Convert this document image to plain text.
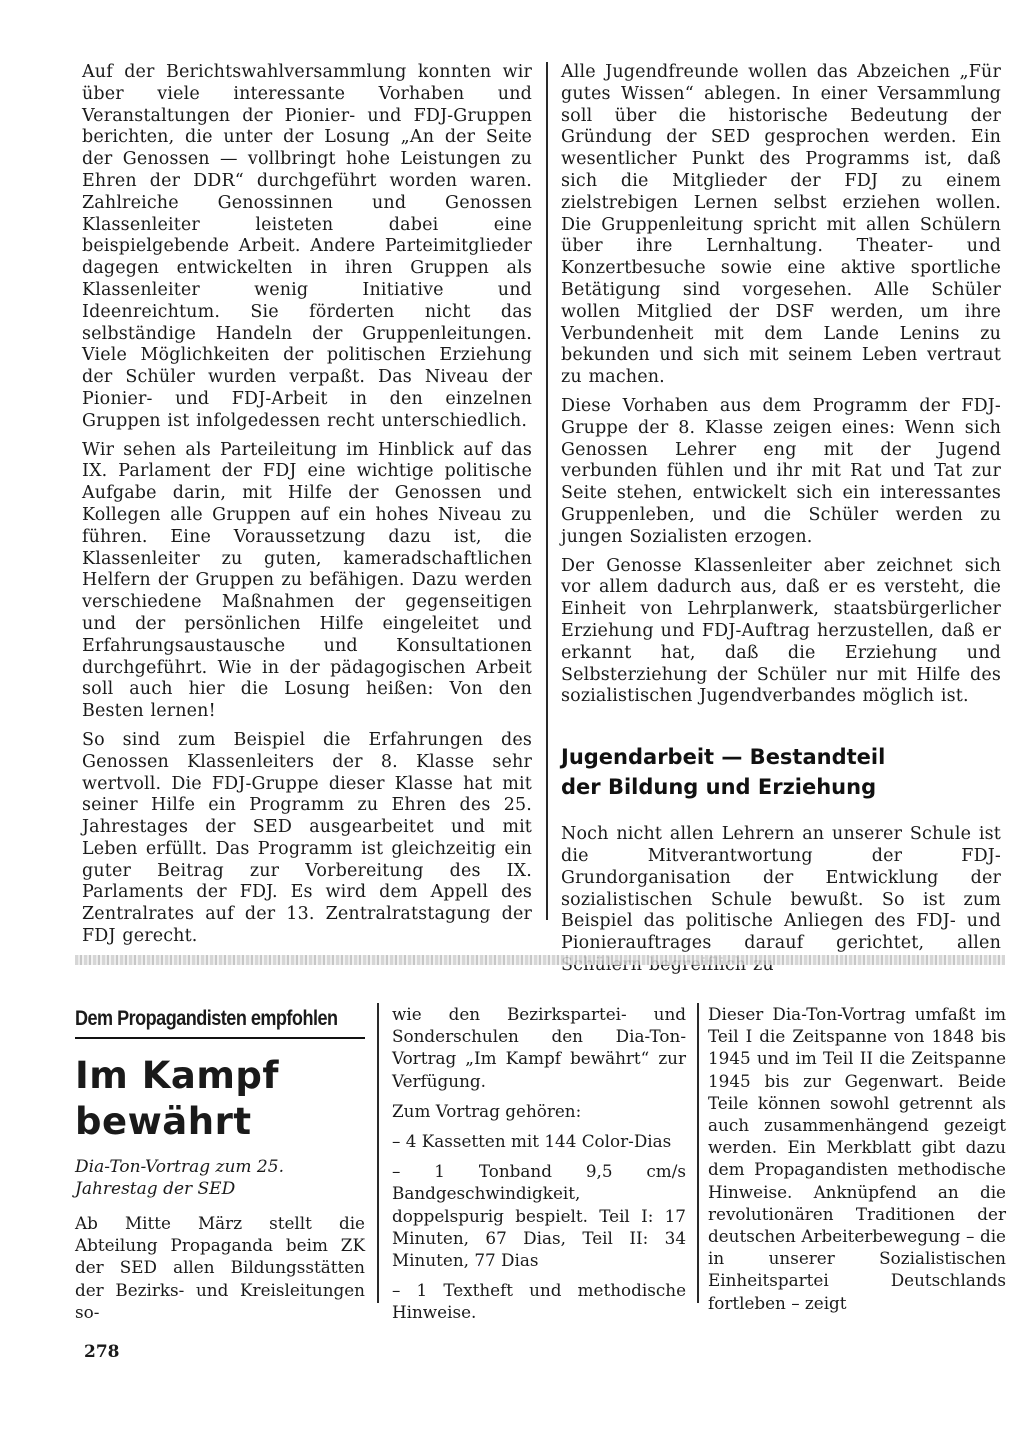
Auf der Berichtswahlversammlung konnten wir über viele interessante Vorhaben und Veranstaltungen der Pionier- und FDJ-Gruppen berichten, die unter der Losung „An der Seite der Genossen — vollbringt hohe Leistungen zu Ehren der DDR“ durchgeführt worden waren. Zahlreiche Genossinnen und Genossen Klassenleiter leisteten dabei eine beispielgebende Arbeit. Andere Parteimitglieder dagegen entwickelten in ihren Gruppen als Klassenleiter wenig Initiative und Ideenreichtum. Sie förderten nicht das selbständige Handeln der Gruppenleitungen. Viele Möglichkeiten der politischen Erziehung der Schüler wurden verpaßt. Das Niveau der Pionier- und FDJ-Arbeit in den einzelnen Gruppen ist infolgedessen recht unterschiedlich.

Wir sehen als Parteileitung im Hinblick auf das IX. Parlament der FDJ eine wichtige politische Aufgabe darin, mit Hilfe der Genossen und Kollegen alle Gruppen auf ein hohes Niveau zu führen. Eine Voraussetzung dazu ist, die Klassenleiter zu guten, kameradschaftlichen Helfern der Gruppen zu befähigen. Dazu werden verschiedene Maßnahmen der gegenseitigen und der persönlichen Hilfe eingeleitet und Erfahrungsaustausche und Konsultationen durchgeführt. Wie in der pädagogischen Arbeit soll auch hier die Losung heißen: Von den Besten lernen!

So sind zum Beispiel die Erfahrungen des Genossen Klassenleiters der 8. Klasse sehr wertvoll. Die FDJ-Gruppe dieser Klasse hat mit seiner Hilfe ein Programm zu Ehren des 25. Jahrestages der SED ausgearbeitet und mit Leben erfüllt. Das Programm ist gleichzeitig ein guter Beitrag zur Vorbereitung des IX. Parlaments der FDJ. Es wird dem Appell des Zentralrates auf der 13. Zentralratstagung der FDJ gerecht.

Alle Jugendfreunde wollen das Abzeichen „Für gutes Wissen“ ablegen. In einer Versammlung soll über die historische Bedeutung der Gründung der SED gesprochen werden. Ein wesentlicher Punkt des Programms ist, daß sich die Mitglieder der FDJ zu einem zielstrebigen Lernen selbst erziehen wollen. Die Gruppenleitung spricht mit allen Schülern über ihre Lernhaltung. Theater- und Konzertbesuche sowie eine aktive sportliche Betätigung sind vorgesehen. Alle Schüler wollen Mitglied der DSF werden, um ihre Verbundenheit mit dem Lande Lenins zu bekunden und sich mit seinem Leben vertraut zu machen.

Diese Vorhaben aus dem Programm der FDJ-Gruppe der 8. Klasse zeigen eines: Wenn sich Genossen Lehrer eng mit der Jugend verbunden fühlen und ihr mit Rat und Tat zur Seite stehen, entwickelt sich ein interessantes Gruppenleben, und die Schüler werden zu jungen Sozialisten erzogen.

Der Genosse Klassenleiter aber zeichnet sich vor allem dadurch aus, daß er es versteht, die Einheit von Lehrplanwerk, staatsbürgerlicher Erziehung und FDJ-Auftrag herzustellen, daß er erkannt hat, daß die Erziehung und Selbsterziehung der Schüler nur mit Hilfe des sozialistischen Jugendverbandes möglich ist.

Jugendarbeit — Bestandteil
der Bildung und Erziehung

Noch nicht allen Lehrern an unserer Schule ist die Mitverantwortung der FDJ-Grundorganisation der Entwicklung der sozialistischen Schule bewußt. So ist zum Beispiel das politische Anliegen des FDJ- und Pionierauftrages darauf gerichtet, allen

Dem Propagandisten empfohlen
Im Kampf
bewährt

Dia-Ton-Vortrag zum 25. Jahrestag der SED

Ab Mitte März stellt die Abteilung Propaganda beim ZK der SED allen Bildungsstätten der Bezirks- und Kreisleitungen so-

wie den Bezirkspartei- und Sonderschulen den Dia-Ton-Vortrag „Im Kampf bewährt“ zur Verfügung.

Zum Vortrag gehören:

– 4 Kassetten mit 144 Color-Dias

– 1 Tonband 9,5 cm/s Bandgeschwindigkeit, doppelspurig bespielt. Teil I: 17 Minuten, 67 Dias, Teil II: 34 Minuten, 77 Dias

– 1 Textheft und methodische Hinweise.

Dieser Dia-Ton-Vortrag umfaßt im Teil I die Zeitspanne von 1848 bis 1945 und im Teil II die Zeitspanne 1945 bis zur Gegenwart. Beide Teile können sowohl getrennt als auch zusammenhängend gezeigt werden. Ein Merkblatt gibt dazu dem Propagandisten methodische Hinweise. Anknüpfend an die revolutionären Traditionen der deutschen Arbeiterbewegung – die in unserer Sozialistischen Einheitspartei Deutschlands fortleben – zeigt

278
